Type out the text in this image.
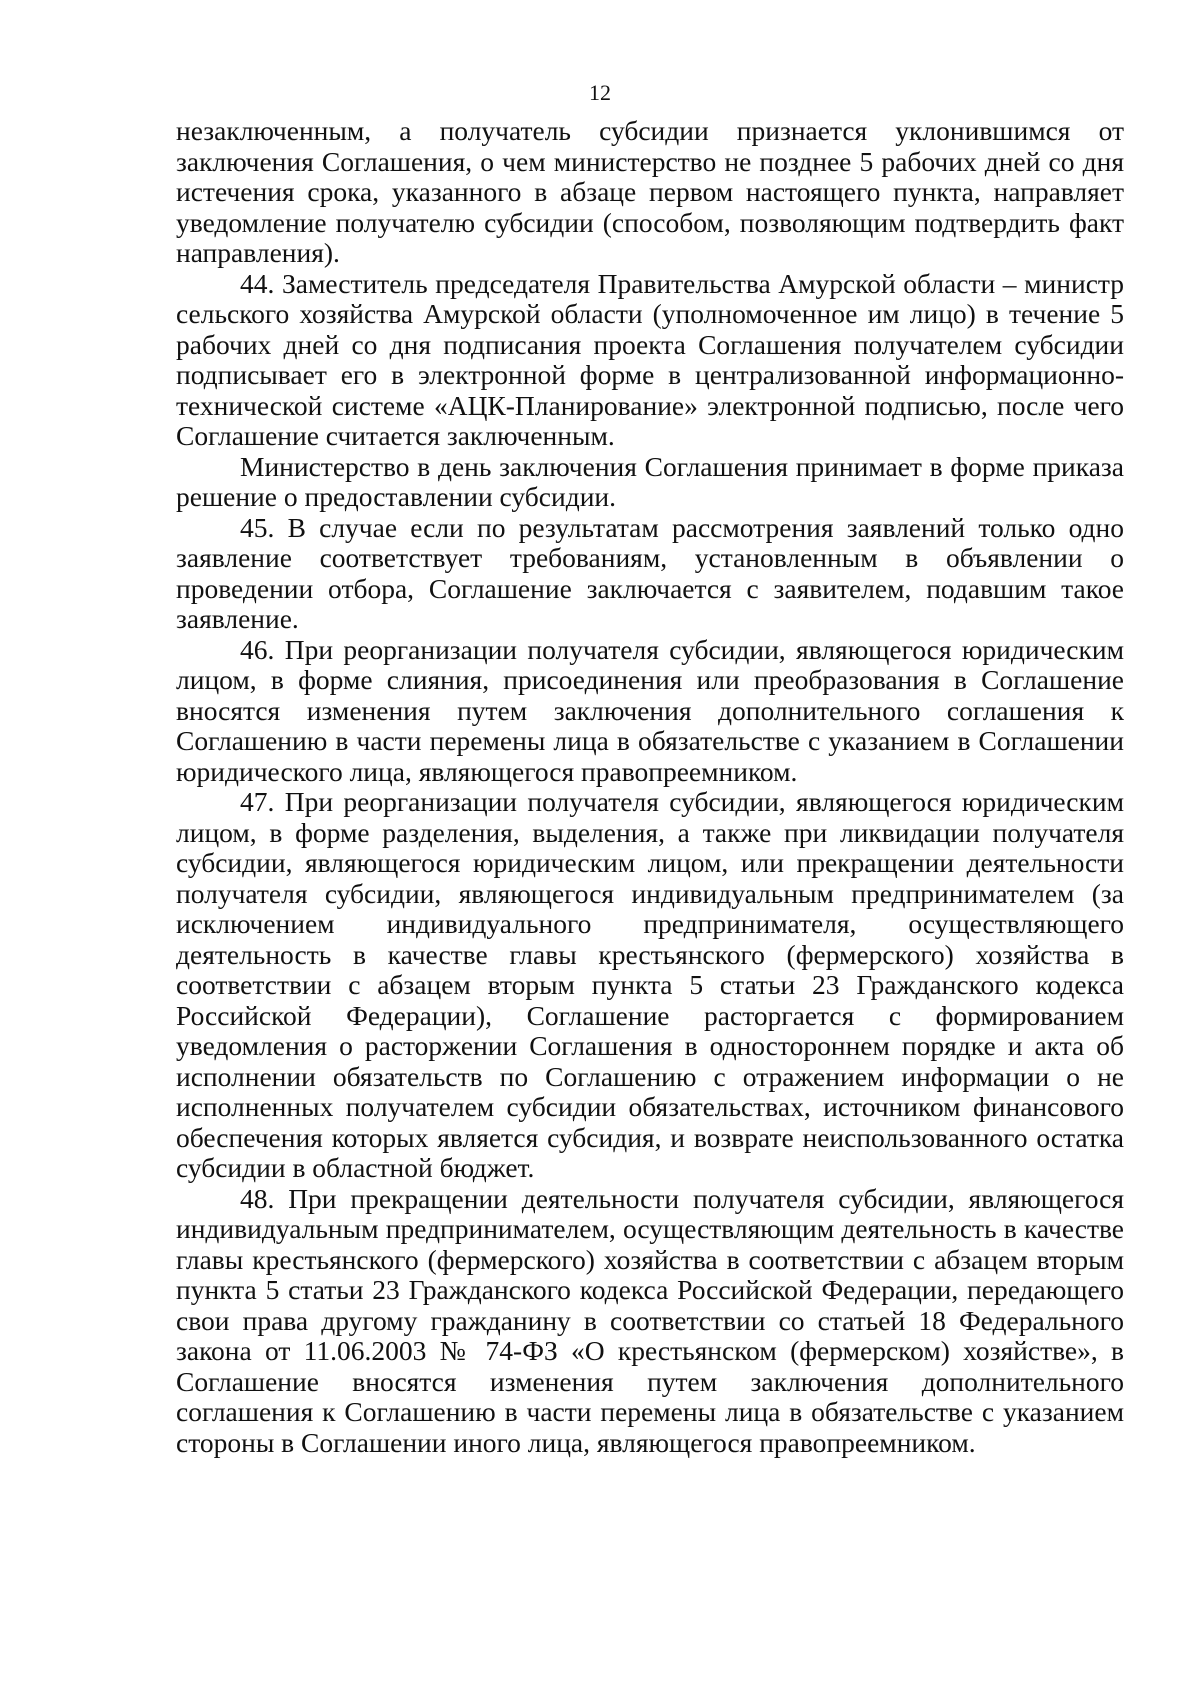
12

незаключенным, а получатель субсидии признается уклонившимся от заключения Соглашения, о чем министерство не позднее 5 рабочих дней со дня истечения срока, указанного в абзаце первом настоящего пункта, направляет уведомление получателю субсидии (способом, позволяющим подтвердить факт направления).

44. Заместитель председателя Правительства Амурской области – министр сельского хозяйства Амурской области (уполномоченное им лицо) в течение 5 рабочих дней со дня подписания проекта Соглашения получателем субсидии подписывает его в электронной форме в централизованной информационно-технической системе «АЦК-Планирование» электронной подписью, после чего Соглашение считается заключенным.

Министерство в день заключения Соглашения принимает в форме приказа решение о предоставлении субсидии.

45. В случае если по результатам рассмотрения заявлений только одно заявление соответствует требованиям, установленным в объявлении о проведении отбора, Соглашение заключается с заявителем, подавшим такое заявление.

46. При реорганизации получателя субсидии, являющегося юридическим лицом, в форме слияния, присоединения или преобразования в Соглашение вносятся изменения путем заключения дополнительного соглашения к Соглашению в части перемены лица в обязательстве с указанием в Соглашении юридического лица, являющегося правопреемником.

47. При реорганизации получателя субсидии, являющегося юридическим лицом, в форме разделения, выделения, а также при ликвидации получателя субсидии, являющегося юридическим лицом, или прекращении деятельности получателя субсидии, являющегося индивидуальным предпринимателем (за исключением индивидуального предпринимателя, осуществляющего деятельность в качестве главы крестьянского (фермерского) хозяйства в соответствии с абзацем вторым пункта 5 статьи 23 Гражданского кодекса Российской Федерации), Соглашение расторгается с формированием уведомления о расторжении Соглашения в одностороннем порядке и акта об исполнении обязательств по Соглашению с отражением информации о не исполненных получателем субсидии обязательствах, источником финансового обеспечения которых является субсидия, и возврате неиспользованного остатка субсидии в областной бюджет.

48. При прекращении деятельности получателя субсидии, являющегося индивидуальным предпринимателем, осуществляющим деятельность в качестве главы крестьянского (фермерского) хозяйства в соответствии с абзацем вторым пункта 5 статьи 23 Гражданского кодекса Российской Федерации, передающего свои права другому гражданину в соответствии со статьей 18 Федерального закона от 11.06.2003 № 74-ФЗ «О крестьянском (фермерском) хозяйстве», в Соглашение вносятся изменения путем заключения дополнительного соглашения к Соглашению в части перемены лица в обязательстве с указанием стороны в Соглашении иного лица, являющегося правопреемником.
